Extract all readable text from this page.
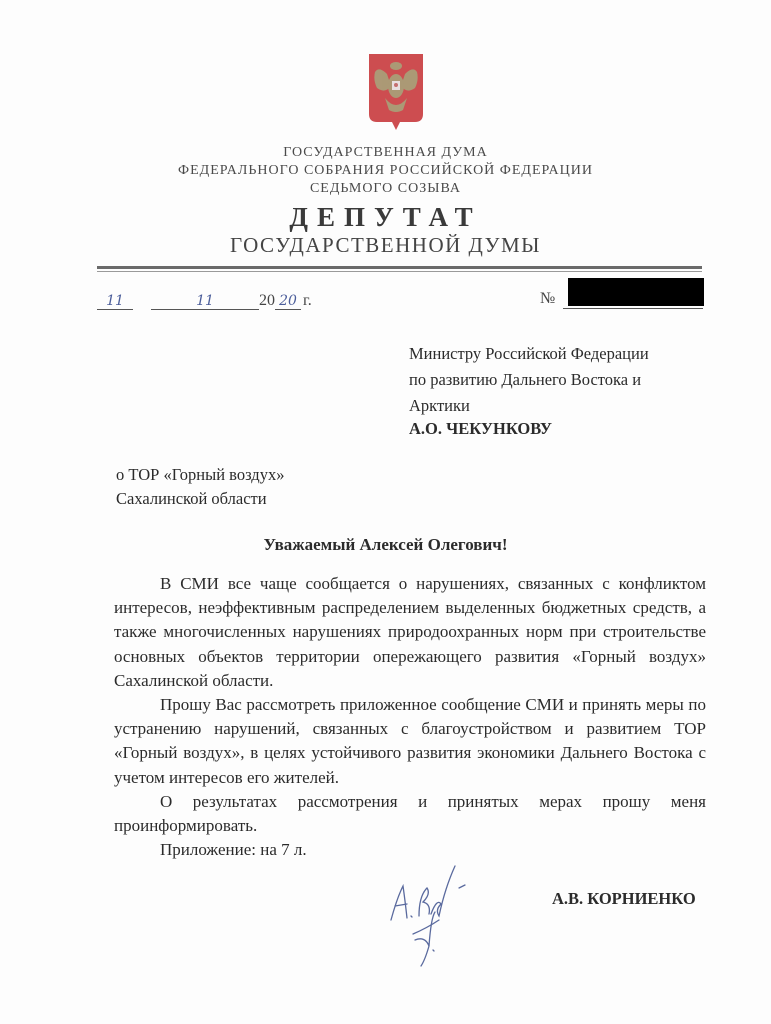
ГОСУДАРСТВЕННАЯ ДУМА
ФЕДЕРАЛЬНОГО СОБРАНИЯ РОССИЙСКОЙ ФЕДЕРАЦИИ
СЕДЬМОГО СОЗЫВА
ДЕПУТАТ
ГОСУДАРСТВЕННОЙ ДУМЫ
11	11	20 20 г.	№
Министру Российской Федерации
по развитию Дальнего Востока и
Арктики
А.О. ЧЕКУНКОВУ
о ТОР «Горный воздух»
Сахалинской области
Уважаемый Алексей Олегович!

В СМИ все чаще сообщается о нарушениях, связанных с конфликтом интересов, неэффективным распределением выделенных бюджетных средств, а также многочисленных нарушениях природоохранных норм при строительстве основных объектов территории опережающего развития «Горный воздух» Сахалинской области.

Прошу Вас рассмотреть приложенное сообщение СМИ и принять меры по устранению нарушений, связанных с благоустройством и развитием ТОР «Горный воздух», в целях устойчивого развития экономики Дальнего Востока с учетом интересов его жителей.

О результатах рассмотрения и принятых мерах прошу меня проинформировать.

Приложение: на 7 л.

А.В. КОРНИЕНКО
